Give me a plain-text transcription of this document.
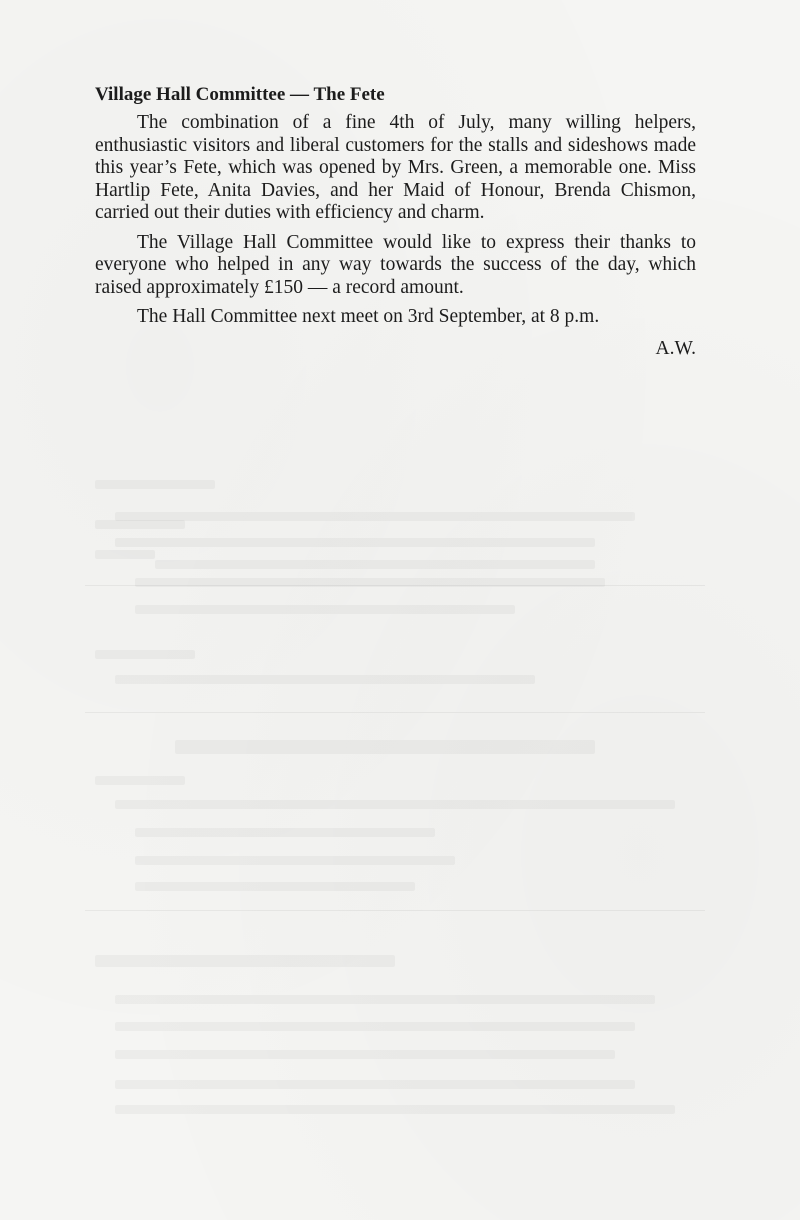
Village Hall Committee — The Fete

The combination of a fine 4th of July, many willing helpers, enthusiastic visitors and liberal customers for the stalls and sideshows made this year’s Fete, which was opened by Mrs. Green, a memorable one. Miss Hartlip Fete, Anita Davies, and her Maid of Honour, Brenda Chismon, carried out their duties with efficiency and charm.

The Village Hall Committee would like to express their thanks to everyone who helped in any way towards the success of the day, which raised approximately £150 — a record amount.

The Hall Committee next meet on 3rd September, at 8 p.m.

A.W.
